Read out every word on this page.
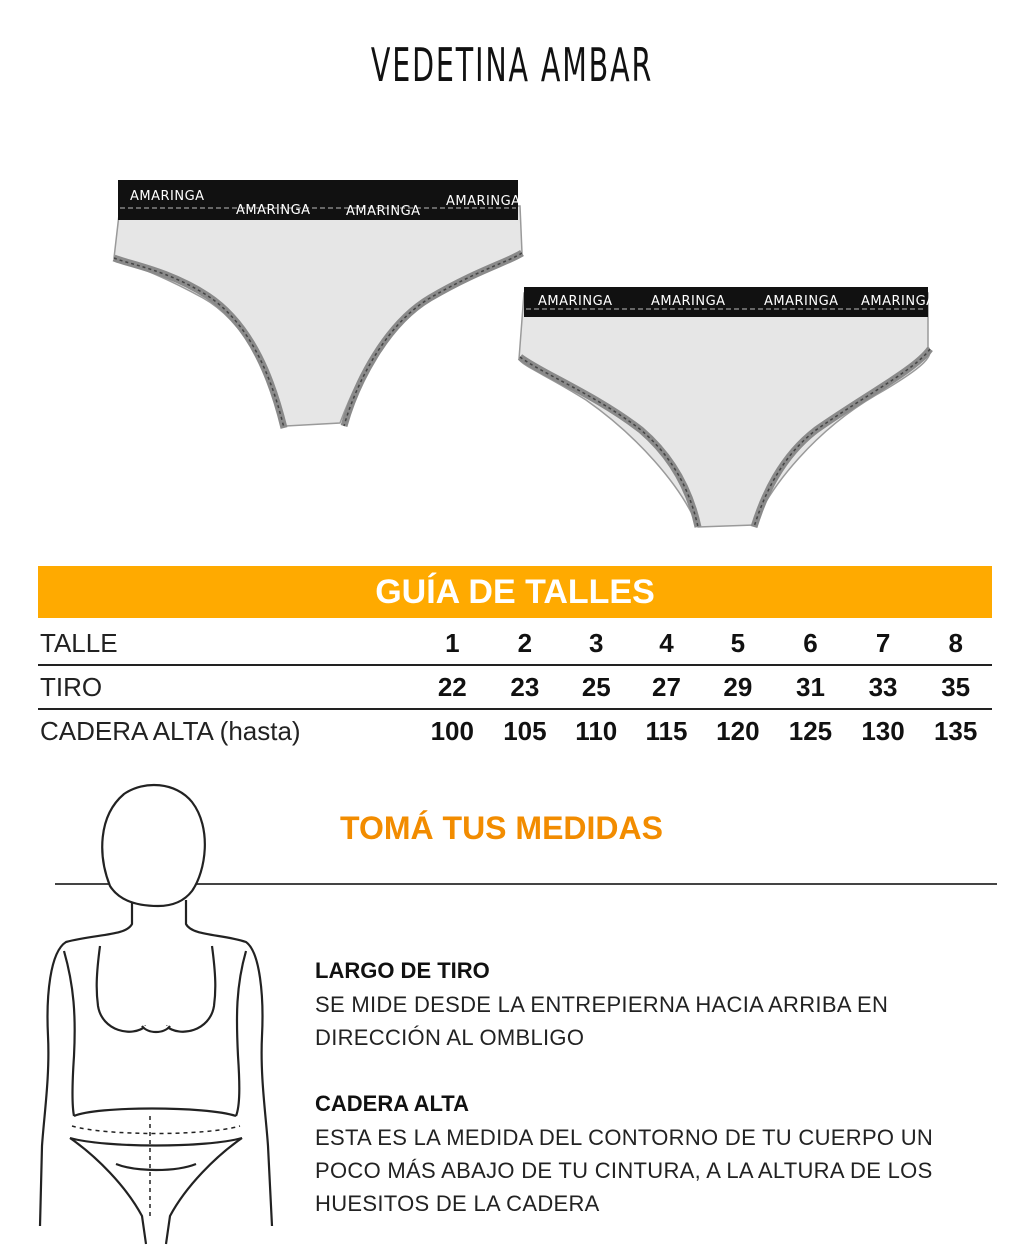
VEDETINA AMBAR
AMARINGA
AMARINGA	AMARINGA
AMARINGA
AMARINGA	AMARINGA	AMARINGA AMARINGA
GUÍA DE TALLES
TALLE	1	2	3	4	5	6	7	8
TIRO	22	23	25	27	29	31	33	35
CADERA ALTA (hasta)	100	105	110	115	120	125	130	135
TOMÁ TUS MEDIDAS
LARGO DE TIRO

SE MIDE DESDE LA ENTREPIERNA HACIA ARRIBA EN DIRECCIÓN AL OMBLIGO

CADERA ALTA

ESTA ES LA MEDIDA DEL CONTORNO DE TU CUERPO UN POCO MÁS ABAJO DE TU CINTURA, A LA ALTURA DE LOS HUESITOS DE LA CADERA
